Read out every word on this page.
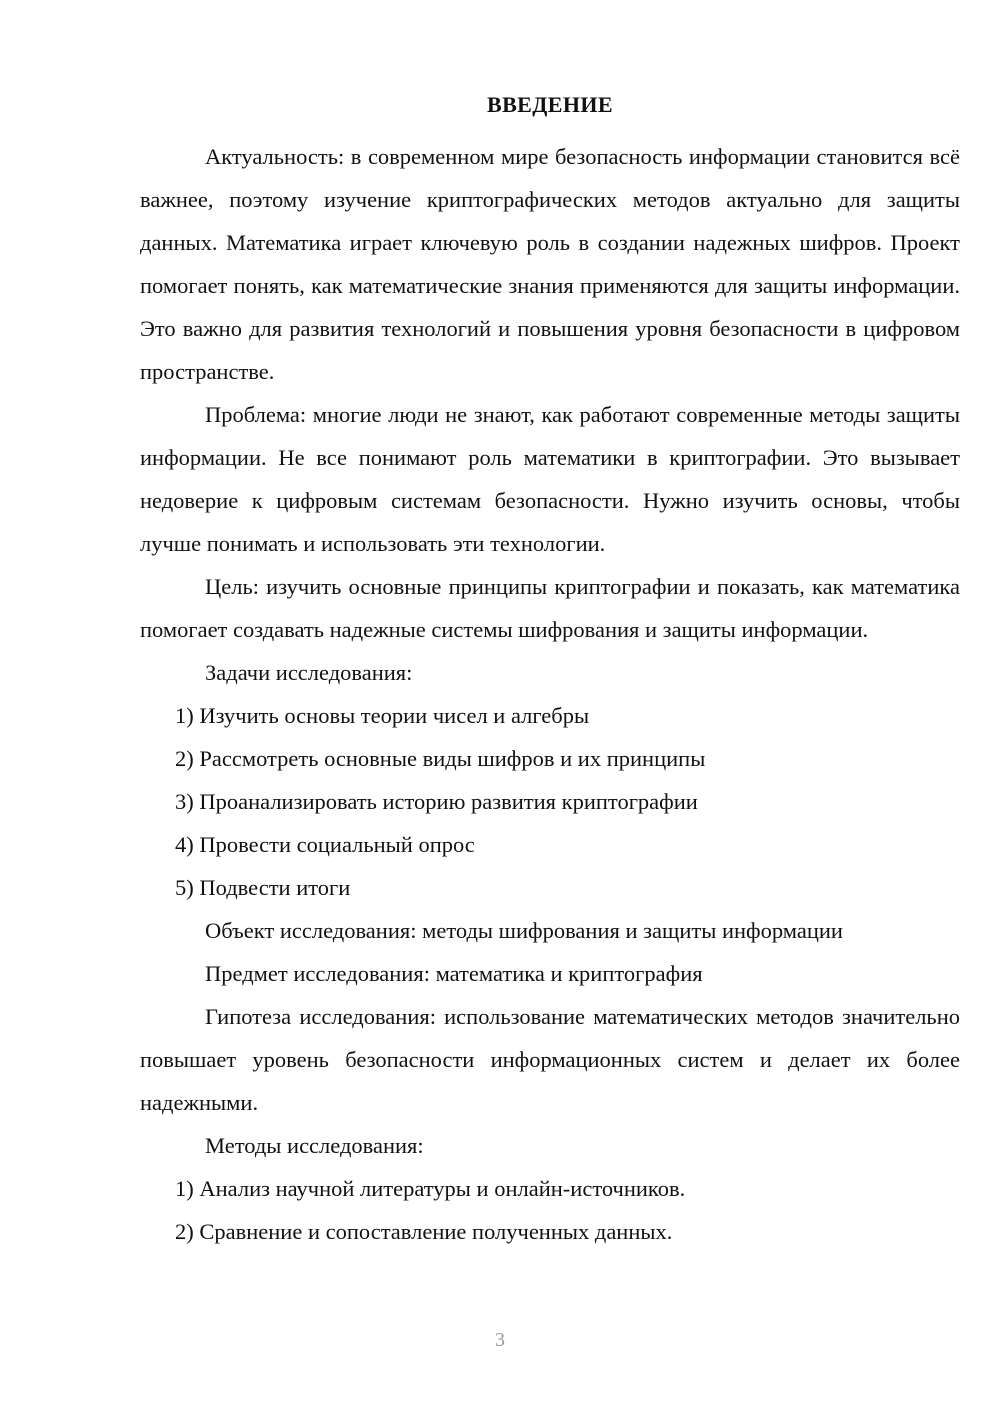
ВВЕДЕНИЕ

Актуальность: в современном мире безопасность информации становится всё важнее, поэтому изучение криптографических методов актуально для защиты данных. Математика играет ключевую роль в создании надежных шифров. Проект помогает понять, как математические знания применяются для защиты информации. Это важно для развития технологий и повышения уровня безопасности в цифровом пространстве.

Проблема: многие люди не знают, как работают современные методы защиты информации. Не все понимают роль математики в криптографии. Это вызывает недоверие к цифровым системам безопасности. Нужно изучить основы, чтобы лучше понимать и использовать эти технологии.

Цель: изучить основные принципы криптографии и показать, как математика помогает создавать надежные системы шифрования и защиты информации.

Задачи исследования:

1) Изучить основы теории чисел и алгебры

2) Рассмотреть основные виды шифров и их принципы

3) Проанализировать историю развития криптографии

4) Провести социальный опрос

5) Подвести итоги

Объект исследования: методы шифрования и защиты информации

Предмет исследования: математика и криптография

Гипотеза исследования: использование математических методов значительно повышает уровень безопасности информационных систем и делает их более надежными.

Методы исследования:

1) Анализ научной литературы и онлайн-источников.

2) Сравнение и сопоставление полученных данных.

3
